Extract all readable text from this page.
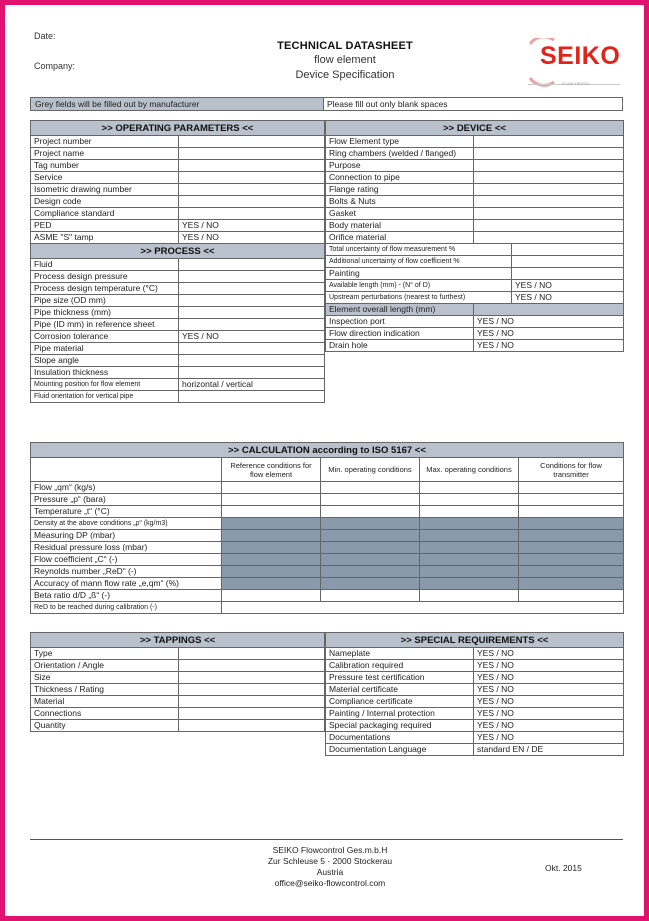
Date:
Company:
TECHNICAL DATASHEET
flow element
Device Specification
SEIKO
FLOWCONTROL
Grey fields will be filled out by manufacturer	Please fill out only blank spaces
>> OPERATING PARAMETERS <<	
Project number	
Project name	
Tag number	
Service	
Isometric drawing number	
Design code	
Compliance standard	
PED	YES / NO
ASME "S" tamp	YES / NO
>> PROCESS <<	
Fluid	
Process design pressure	
Process design temperature (°C)	
Pipe size (OD mm)	
Pipe thickness (mm)	
Pipe (ID mm) in reference sheet	
Corrosion tolerance	YES / NO
Pipe material	
Slope angle	
Insulation thickness	
Mounting position for flow element	horizontal / vertical
Fluid orientation for vertical pipe	
>> DEVICE <<		
Flow Element type		
Ring chambers (welded / flanged)		
Purpose		
Connection to pipe		
Flange rating		
Bolts & Nuts		
Gasket		
Body material		
Orifice material		
Total uncertainty of flow measurement %		
Additional uncertainty of flow coefficient %		
Painting		
Available length (mm) - (N° of D)		YES / NO
Upstream perturbations (nearest to furthest)		YES / NO
Element overall length (mm)		
Inspection port	YES / NO	
Flow direction indication	YES / NO	
Drain hole	YES / NO	
>> CALCULATION according to ISO 5167 <<				
	Reference conditions for flow element	Min. operating conditions	Max. operating conditions	Conditions for flow transmitter
Flow „qm“ (kg/s)				
Pressure „p“ (bara)				
Temperature „t“ (°C)				
Density at the above conditions „ρ“ (kg/m3)				
Measuring DP (mbar)				
Residual pressure loss (mbar)				
Flow coefficient „C“ (-)				
Reynolds number „ReD“ (-)				
Accuracy of mann flow rate „e,qm“ (%)				
Beta ratio d/D „ß“ (-)				
ReD to be reached during calibration (-)				
>> TAPPINGS <<	
Type	
Orientation / Angle	
Size	
Thickness / Rating	
Material	
Connections	
Quantity	
>> SPECIAL REQUIREMENTS <<	
Nameplate	YES / NO
Calibration required	YES / NO
Pressure test certification	YES / NO
Material certificate	YES / NO
Compliance certificate	YES / NO
Painting / Internal protection	YES / NO
Special packaging required	YES / NO
Documentations	YES / NO
Documentation Language	standard EN / DE
SEIKO Flowcontrol Ges.m.b.H
Zur Schleuse 5 · 2000 Stockerau
Austria
office@seiko-flowcontrol.com
Okt. 2015
